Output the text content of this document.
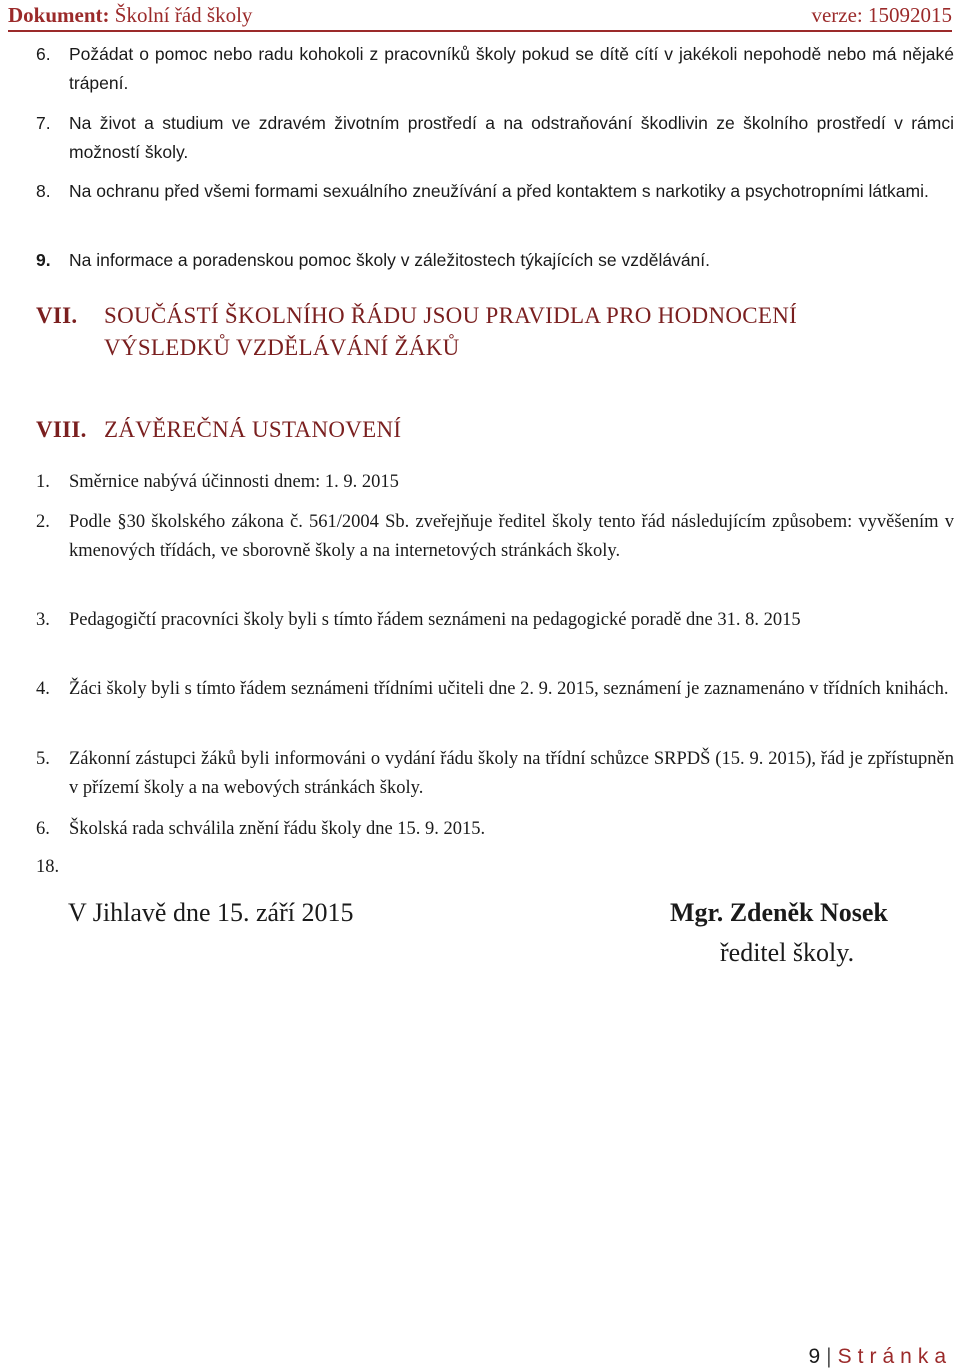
Dokument: Školní řád školy	verze: 15092015
6. Požádat o pomoc nebo radu kohokoli z pracovníků školy pokud se dítě cítí v jakékoli nepohodě nebo má nějaké trápení.
7. Na život a studium ve zdravém životním prostředí a na odstraňování škodlivin ze školního prostředí v rámci možností školy.
8. Na ochranu před všemi formami sexuálního zneužívání a před kontaktem s narkotiky a psychotropními látkami.
9. Na informace a poradenskou pomoc školy v záležitostech týkajících se vzdělávání.
VII. SOUČÁSTÍ ŠKOLNÍHO ŘÁDU JSOU PRAVIDLA PRO HODNOCENÍ
VÝSLEDKŮ VZDĚLÁVÁNÍ ŽÁKŮ
VIII. ZÁVĚREČNÁ USTANOVENÍ
1. Směrnice nabývá účinnosti dnem: 1. 9. 2015
2. Podle §30 školského zákona č. 561/2004 Sb. zveřejňuje ředitel školy tento řád následujícím způsobem: vyvěšením v kmenových třídách, ve sborovně školy a na internetových stránkách školy.
3. Pedagogičtí pracovníci školy byli s tímto řádem seznámeni na pedagogické poradě dne 31. 8. 2015
4. Žáci školy byli s tímto řádem seznámeni třídními učiteli dne 2. 9. 2015, seznámení je zaznamenáno v třídních knihách.
5. Zákonní zástupci žáků byli informováni o vydání řádu školy na třídní schůzce SRPDŠ (15. 9. 2015), řád je zpřístupněn v přízemí školy a na webových stránkách školy.
6. Školská rada schválila znění řádu školy dne 15. 9. 2015.
18.
V Jihlavě dne 15. září 2015	Mgr. Zdeněk Nosek
ředitel školy.
9 | Stránka
